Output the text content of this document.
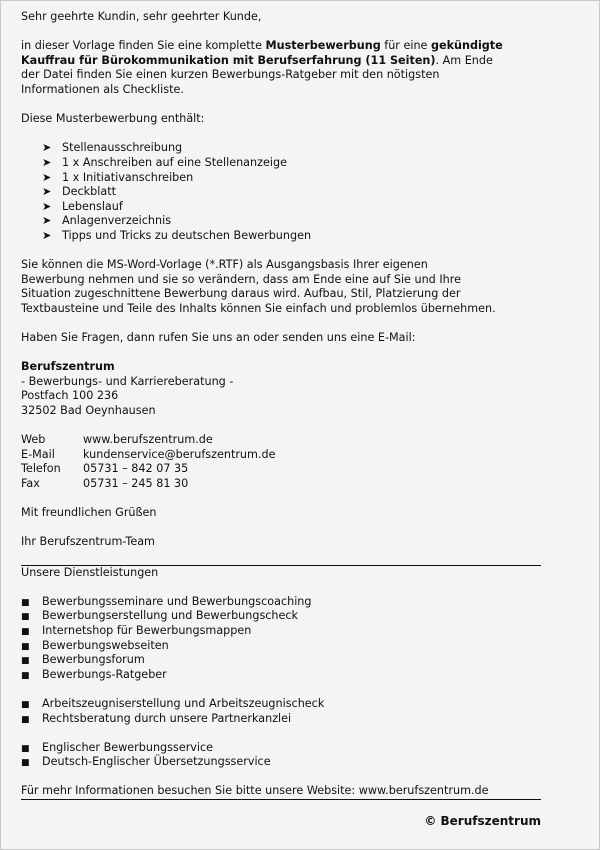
Sehr geehrte Kundin, sehr geehrter Kunde,
in dieser Vorlage finden Sie eine komplette Musterbewerbung für eine gekündigte
Kauffrau für Bürokommunikation mit Berufserfahrung (11 Seiten). Am Ende
der Datei finden Sie einen kurzen Bewerbungs-Ratgeber mit den nötigsten
Informationen als Checkliste.
Diese Musterbewerbung enthält:
➤ Stellenausschreibung
➤ 1 x Anschreiben auf eine Stellenanzeige
➤ 1 x Initiativanschreiben
➤ Deckblatt
➤ Lebenslauf
➤ Anlagenverzeichnis
➤ Tipps und Tricks zu deutschen Bewerbungen
Sie können die MS-Word-Vorlage (*.RTF) als Ausgangsbasis Ihrer eigenen
Bewerbung nehmen und sie so verändern, dass am Ende eine auf Sie und Ihre
Situation zugeschnittene Bewerbung daraus wird. Aufbau, Stil, Platzierung der
Textbausteine und Teile des Inhalts können Sie einfach und problemlos übernehmen.
Haben Sie Fragen, dann rufen Sie uns an oder senden uns eine E-Mail:
Berufszentrum
- Bewerbungs- und Karriereberatung -
Postfach 100 236
32502 Bad Oeynhausen
Web	www.berufszentrum.de
E-Mail	kundenservice@berufszentrum.de
Telefon 05731 – 842 07 35
Fax	05731 – 245 81 30
Mit freundlichen Grüßen
Ihr Berufszentrum-Team
Unsere Dienstleistungen
■ Bewerbungsseminare und Bewerbungscoaching
■ Bewerbungserstellung und Bewerbungscheck
■ Internetshop für Bewerbungsmappen
■ Bewerbungswebseiten
■ Bewerbungsforum
■ Bewerbungs-Ratgeber
■ Arbeitszeugniserstellung und Arbeitszeugnischeck
■ Rechtsberatung durch unsere Partnerkanzlei
■ Englischer Bewerbungsservice
■ Deutsch-Englischer Übersetzungsservice
Für mehr Informationen besuchen Sie bitte unsere Website: www.berufszentrum.de
© Berufszentrum
